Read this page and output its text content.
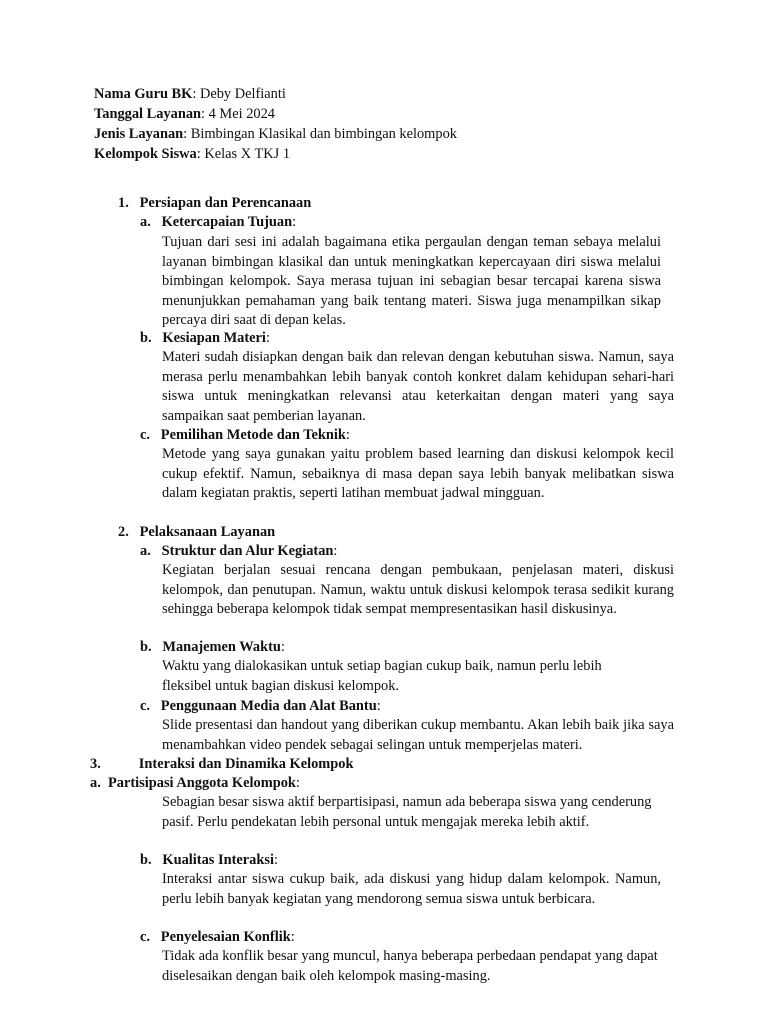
Nama Guru BK: Deby Delfianti
Tanggal Layanan: 4 Mei 2024
Jenis Layanan: Bimbingan Klasikal dan bimbingan kelompok
Kelompok Siswa: Kelas X TKJ 1
1. Persiapan dan Perencanaan
a. Ketercapaian Tujuan:
Tujuan dari sesi ini adalah bagaimana etika pergaulan dengan teman sebaya melalui layanan bimbingan klasikal dan untuk meningkatkan kepercayaan diri siswa melalui bimbingan kelompok. Saya merasa tujuan ini sebagian besar tercapai karena siswa menunjukkan pemahaman yang baik tentang materi. Siswa juga menampilkan sikap percaya diri saat di depan kelas.
b. Kesiapan Materi:
Materi sudah disiapkan dengan baik dan relevan dengan kebutuhan siswa. Namun, saya merasa perlu menambahkan lebih banyak contoh konkret dalam kehidupan sehari-hari siswa untuk meningkatkan relevansi atau keterkaitan dengan materi yang saya sampaikan saat pemberian layanan.
c. Pemilihan Metode dan Teknik:
Metode yang saya gunakan yaitu problem based learning dan diskusi kelompok kecil cukup efektif. Namun, sebaiknya di masa depan saya lebih banyak melibatkan siswa dalam kegiatan praktis, seperti latihan membuat jadwal mingguan.
2. Pelaksanaan Layanan
a. Struktur dan Alur Kegiatan:
Kegiatan berjalan sesuai rencana dengan pembukaan, penjelasan materi, diskusi kelompok, dan penutupan. Namun, waktu untuk diskusi kelompok terasa sedikit kurang sehingga beberapa kelompok tidak sempat mempresentasikan hasil diskusinya.
b. Manajemen Waktu:
Waktu yang dialokasikan untuk setiap bagian cukup baik, namun perlu lebih fleksibel untuk bagian diskusi kelompok.
c. Penggunaan Media dan Alat Bantu:
Slide presentasi dan handout yang diberikan cukup membantu. Akan lebih baik jika saya menambahkan video pendek sebagai selingan untuk memperjelas materi.
3.	Interaksi dan Dinamika Kelompok
a. Partisipasi Anggota Kelompok:
Sebagian besar siswa aktif berpartisipasi, namun ada beberapa siswa yang cenderung pasif. Perlu pendekatan lebih personal untuk mengajak mereka lebih aktif.
b. Kualitas Interaksi:
Interaksi antar siswa cukup baik, ada diskusi yang hidup dalam kelompok. Namun, perlu lebih banyak kegiatan yang mendorong semua siswa untuk berbicara.
c. Penyelesaian Konflik:
Tidak ada konflik besar yang muncul, hanya beberapa perbedaan pendapat yang dapat diselesaikan dengan baik oleh kelompok masing-masing.
